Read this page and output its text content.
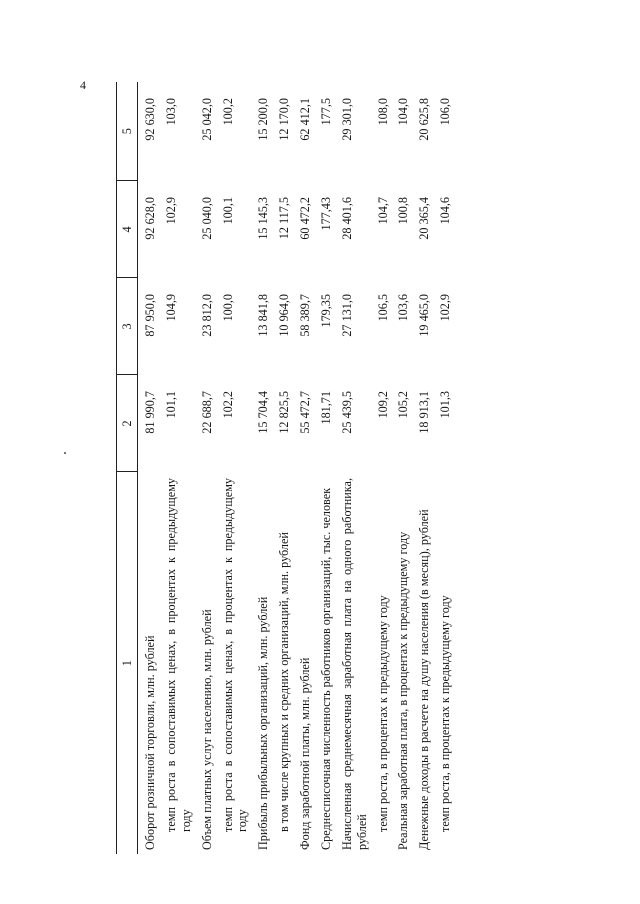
4
1	2	3	4	5
Оборот розничной торговли, млн. рублей	81 990,7	87 950,0	92 628,0	92 630,0
темп роста в сопоставимых ценах, в процентах к предыдущему году	101,1	104,9	102,9	103,0
Объем платных услуг населению, млн. рублей	22 688,7	23 812,0	25 040,0	25 042,0
темп роста в сопоставимых ценах, в процентах к предыдущему году	102,2	100,0	100,1	100,2
Прибыль прибыльных организаций, млн. рублей	15 704,4	13 841,8	15 145,3	15 200,0
в том числе крупных и средних организаций, млн. рублей	12 825,5	10 964,0	12 117,5	12 170,0
Фонд заработной платы, млн. рублей	55 472,7	58 389,7	60 472,2	62 412,1
Среднесписочная численность работников организаций, тыс. человек	181,71	179,35	177,43	177,5
Начисленная среднемесячная заработная плата на одного работника, рублей	25 439,5	27 131,0	28 401,6	29 301,0
темп роста, в процентах к предыдущему году	109,2	106,5	104,7	108,0
Реальная заработная плата, в процентах к предыдущему году	105,2	103,6	100,8	104,0
Денежные доходы в расчете на душу населения (в месяц), рублей	18 913,1	19 465,0	20 365,4	20 625,8
темп роста, в процентах к предыдущему году	101,3	102,9	104,6	106,0
